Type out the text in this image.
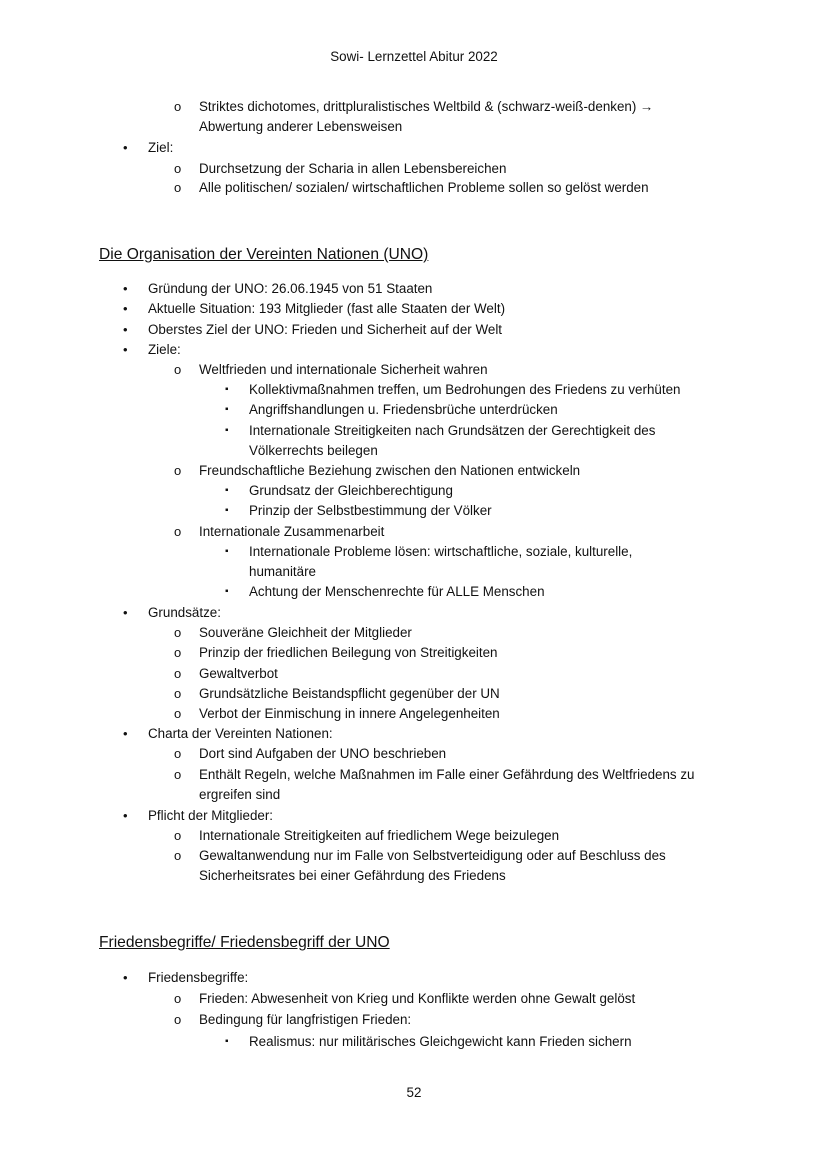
Sowi- Lernzettel Abitur 2022
o Striktes dichotomes, drittpluralistisches Weltbild & (schwarz-weiß-denken) →
Abwertung anderer Lebensweisen
• Ziel:
o Durchsetzung der Scharia in allen Lebensbereichen
o Alle politischen/ sozialen/ wirtschaftlichen Probleme sollen so gelöst werden
Die Organisation der Vereinten Nationen (UNO)
• Gründung der UNO: 26.06.1945 von 51 Staaten
• Aktuelle Situation: 193 Mitglieder (fast alle Staaten der Welt)
• Oberstes Ziel der UNO: Frieden und Sicherheit auf der Welt
• Ziele:
o Weltfrieden und internationale Sicherheit wahren
▪ Kollektivmaßnahmen treffen, um Bedrohungen des Friedens zu verhüten
▪ Angriffshandlungen u. Friedensbrüche unterdrücken
▪ Internationale Streitigkeiten nach Grundsätzen der Gerechtigkeit des
Völkerrechts beilegen
o Freundschaftliche Beziehung zwischen den Nationen entwickeln
▪ Grundsatz der Gleichberechtigung
▪ Prinzip der Selbstbestimmung der Völker
o Internationale Zusammenarbeit
▪ Internationale Probleme lösen: wirtschaftliche, soziale, kulturelle,
humanitäre
▪ Achtung der Menschenrechte für ALLE Menschen
• Grundsätze:
o Souveräne Gleichheit der Mitglieder
o Prinzip der friedlichen Beilegung von Streitigkeiten
o Gewaltverbot
o Grundsätzliche Beistandspflicht gegenüber der UN
o Verbot der Einmischung in innere Angelegenheiten
• Charta der Vereinten Nationen:
o Dort sind Aufgaben der UNO beschrieben
o Enthält Regeln, welche Maßnahmen im Falle einer Gefährdung des Weltfriedens zu
ergreifen sind
• Pflicht der Mitglieder:
o Internationale Streitigkeiten auf friedlichem Wege beizulegen
o Gewaltanwendung nur im Falle von Selbstverteidigung oder auf Beschluss des
Sicherheitsrates bei einer Gefährdung des Friedens
Friedensbegriffe/ Friedensbegriff der UNO
• Friedensbegriffe:
o Frieden: Abwesenheit von Krieg und Konflikte werden ohne Gewalt gelöst
o Bedingung für langfristigen Frieden:
▪ Realismus: nur militärisches Gleichgewicht kann Frieden sichern
52
